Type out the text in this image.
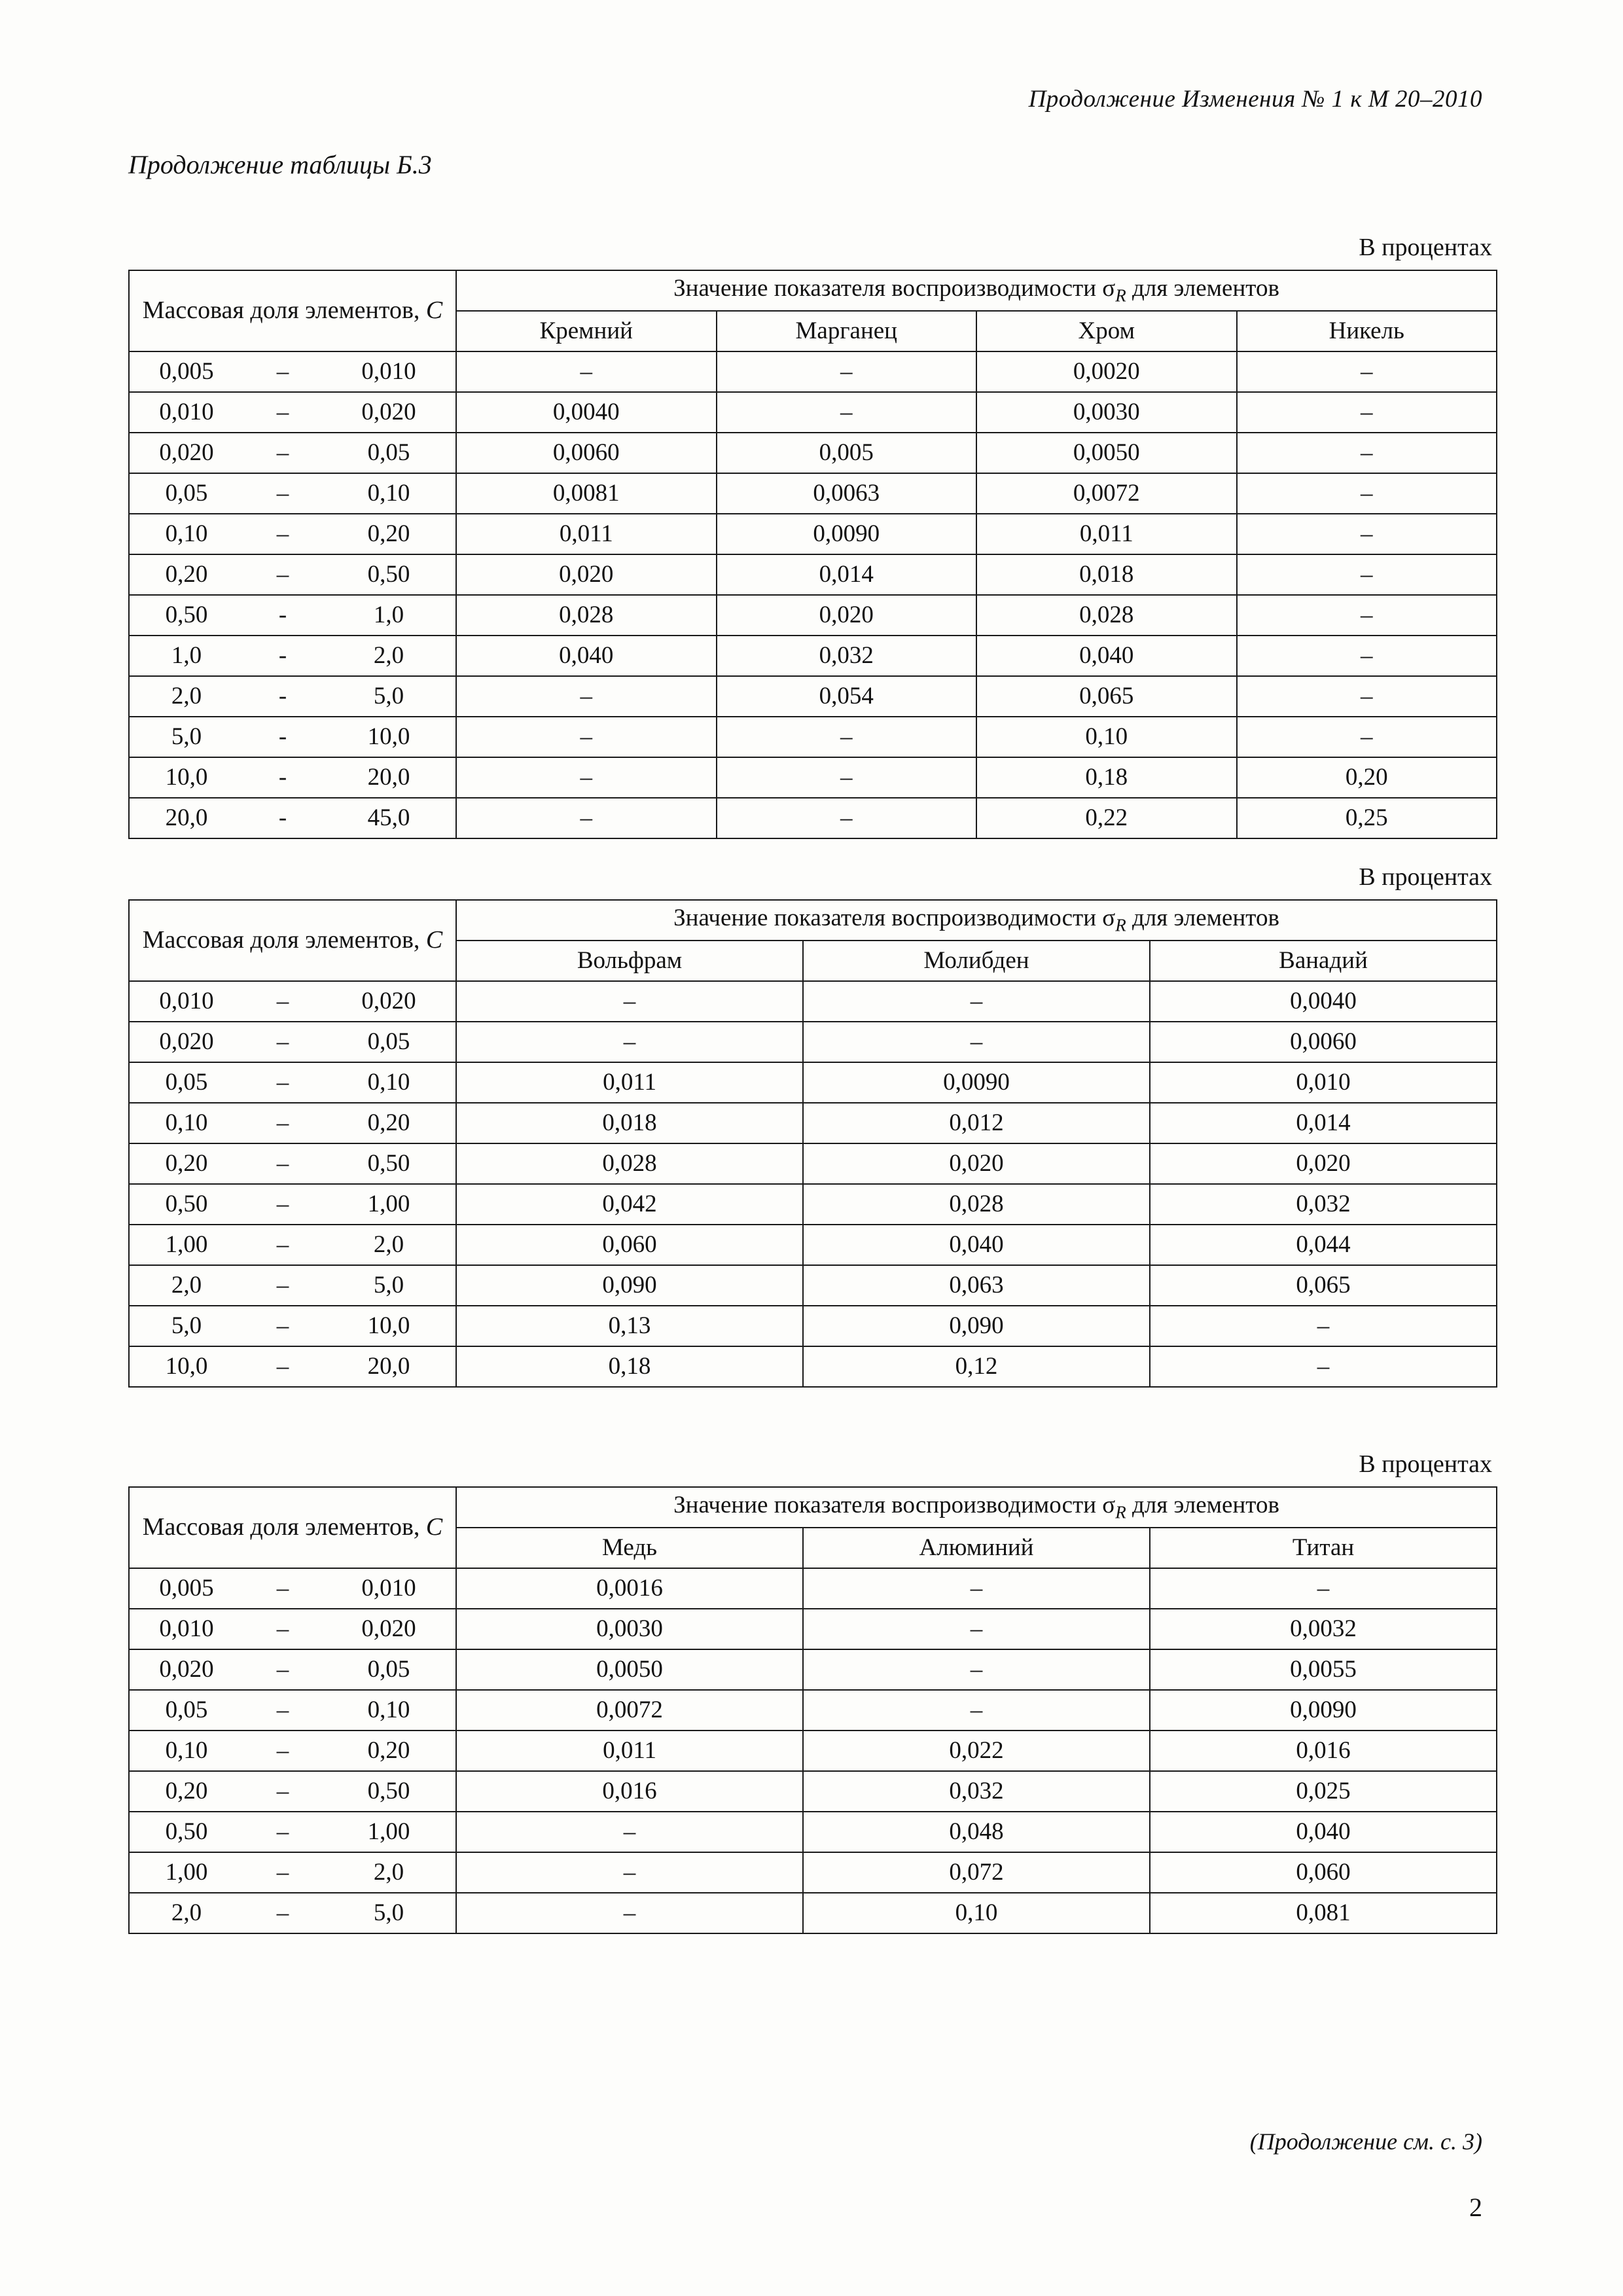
Продолжение Изменения № 1 к М 20–2010
Продолжение таблицы Б.3
В процентах
Массовая доля элементов, C			Значение показателя воспроизводимости $\sigma_R$ для элементов			
			Кремний	Марганец	Хром	Никель
0,005	–	0,010	–	–	0,0020	–
0,010	–	0,020	0,0040	–	0,0030	–
0,020	–	0,05	0,0060	0,005	0,0050	–
0,05	–	0,10	0,0081	0,0063	0,0072	–
0,10	–	0,20	0,011	0,0090	0,011	–
0,20	–	0,50	0,020	0,014	0,018	–
0,50	-	1,0	0,028	0,020	0,028	–
1,0	-	2,0	0,040	0,032	0,040	–
2,0	-	5,0	–	0,054	0,065	–
5,0	-	10,0	–	–	0,10	–
10,0	-	20,0	–	–	0,18	0,20
20,0	-	45,0	–	–	0,22	0,25
В процентах
Массовая доля элементов, C			Значение показателя воспроизводимости $\sigma_R$ для элементов		
			Вольфрам	Молибден	Ванадий
0,010	–	0,020	–	–	0,0040
0,020	–	0,05	–	–	0,0060
0,05	–	0,10	0,011	0,0090	0,010
0,10	–	0,20	0,018	0,012	0,014
0,20	–	0,50	0,028	0,020	0,020
0,50	–	1,00	0,042	0,028	0,032
1,00	–	2,0	0,060	0,040	0,044
2,0	–	5,0	0,090	0,063	0,065
5,0	–	10,0	0,13	0,090	–
10,0	–	20,0	0,18	0,12	–
В процентах
Массовая доля элементов, C			Значение показателя воспроизводимости $\sigma_R$ для элементов		
			Медь	Алюминий	Титан
0,005	–	0,010	0,0016	–	–
0,010	–	0,020	0,0030	–	0,0032
0,020	–	0,05	0,0050	–	0,0055
0,05	–	0,10	0,0072	–	0,0090
0,10	–	0,20	0,011	0,022	0,016
0,20	–	0,50	0,016	0,032	0,025
0,50	–	1,00	–	0,048	0,040
1,00	–	2,0	–	0,072	0,060
2,0	–	5,0	–	0,10	0,081
(Продолжение см. с. 3)
2
